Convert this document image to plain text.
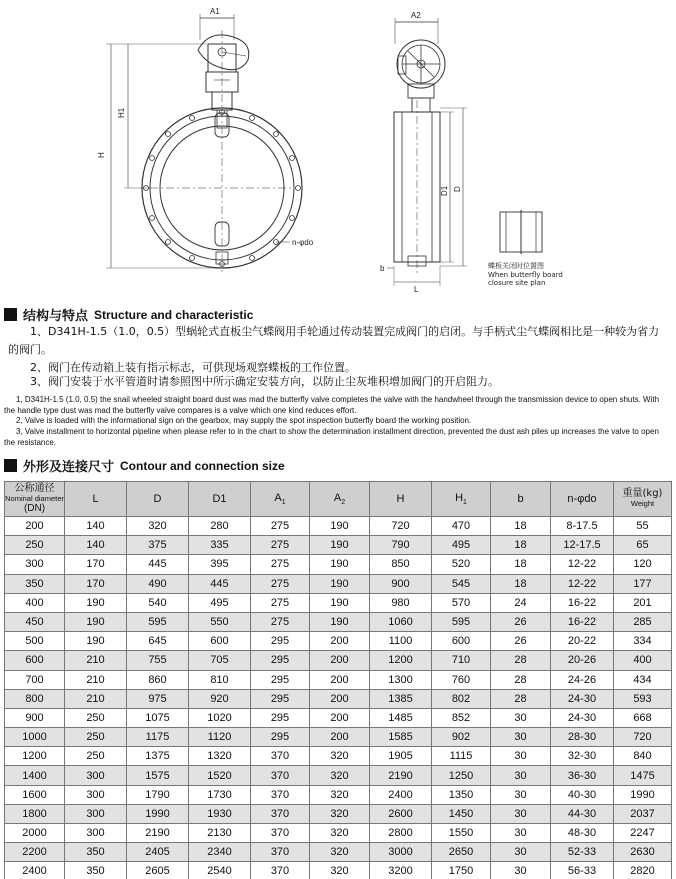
A1
H
H1
n-φdo
A2
D1 D
b
L
蝶板关闭时位置图
When butterfly board
closure site plan
结构与特点 Structure and characteristic
1、D341H-1.5（1.0，0.5）型蜗轮式直板尘气蝶阀用手轮通过传动装置完成阀门的启闭。与手柄式尘气蝶阀相比是一种较为省力的阀门。
2、阀门在传动箱上装有指示标志，可供现场观察蝶板的工作位置。
3、阀门安装于水平管道时请参照图中所示确定安装方向，以防止尘灰堆积增加阀门的开启阻力。
1, D341H-1.5 (1.0, 0.5) the snail wheeled straight board dust was mad the butterfly valve completes the valve with the handwheel through the transmission device to open shuts. With the handle type dust was mad the butterfly valve compares is a valve which one kind reduces effort.
2, Valve is loaded with the informational sign on the gearbox, may supply the spot inspection butterfly board the working position.
3, Valve installment to horizontal pipeline when please refer to in the chart to show the determination installment direction, prevented the dust ash piles up increases the valve to open the resistance.
外形及连接尺寸 Contour and connection size
公称通径
Nominal diameter
(DN)	L	D	D1	$A_1$	$A_2$	H	$H_1$	b	n-φdo	重量(kg)
Weight

200	140	320	280	275	190	720	470	18	8-17.5	55
250	140	375	335	275	190	790	495	18	12-17.5	65
300	170	445	395	275	190	850	520	18	12-22	120
350	170	490	445	275	190	900	545	18	12-22	177
400	190	540	495	275	190	980	570	24	16-22	201
450	190	595	550	275	190	1060	595	26	16-22	285
500	190	645	600	295	200	1100	600	26	20-22	334
600	210	755	705	295	200	1200	710	28	20-26	400
700	210	860	810	295	200	1300	760	28	24-26	434
800	210	975	920	295	200	1385	802	28	24-30	593
900	250	1075	1020	295	200	1485	852	30	24-30	668
1000	250	1175	1120	295	200	1585	902	30	28-30	720
1200	250	1375	1320	370	320	1905	1115	30	32-30	840
1400	300	1575	1520	370	320	2190	1250	30	36-30	1475
1600	300	1790	1730	370	320	2400	1350	30	40-30	1990
1800	300	1990	1930	370	320	2600	1450	30	44-30	2037
2000	300	2190	2130	370	320	2800	1550	30	48-30	2247
2200	350	2405	2340	370	320	3000	2650	30	52-33	2630
2400	350	2605	2540	370	320	3200	1750	30	56-33	2820
